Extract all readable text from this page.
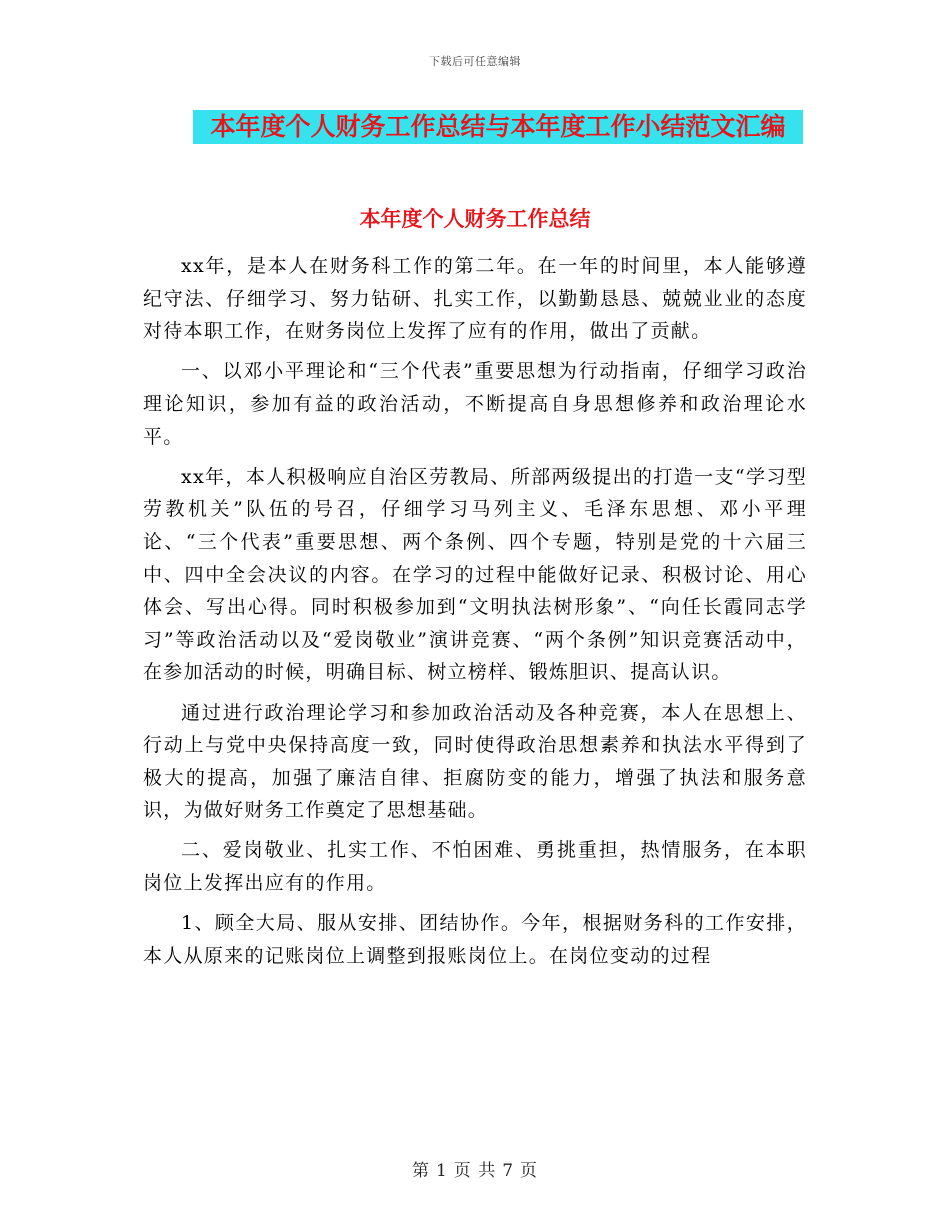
下载后可任意编辑
本年度个人财务工作总结与本年度工作小结范文汇编
本年度个人财务工作总结

xx年，是本人在财务科工作的第二年。在一年的时间里，本人能够遵纪守法、仔细学习、努力钻研、扎实工作，以勤勤恳恳、兢兢业业的态度对待本职工作，在财务岗位上发挥了应有的作用，做出了贡献。

一、以邓小平理论和“三个代表”重要思想为行动指南，仔细学习政治理论知识，参加有益的政治活动，不断提高自身思想修养和政治理论水平。

xx年，本人积极响应自治区劳教局、所部两级提出的打造一支“学习型劳教机关”队伍的号召，仔细学习马列主义、毛泽东思想、邓小平理论、“三个代表”重要思想、两个条例、四个专题，特别是党的十六届三中、四中全会决议的内容。在学习的过程中能做好记录、积极讨论、用心体会、写出心得。同时积极参加到“文明执法树形象”、“向任长霞同志学习”等政治活动以及“爱岗敬业”演讲竞赛、“两个条例”知识竞赛活动中，在参加活动的时候，明确目标、树立榜样、锻炼胆识、提高认识。

通过进行政治理论学习和参加政治活动及各种竞赛，本人在思想上、行动上与党中央保持高度一致，同时使得政治思想素养和执法水平得到了极大的提高，加强了廉洁自律、拒腐防变的能力，增强了执法和服务意识，为做好财务工作奠定了思想基础。

二、爱岗敬业、扎实工作、不怕困难、勇挑重担，热情服务，在本职岗位上发挥出应有的作用。

1、顾全大局、服从安排、团结协作。今年，根据财务科的工作安排，本人从原来的记账岗位上调整到报账岗位上。在岗位变动的过程

第 1 页 共 7 页
